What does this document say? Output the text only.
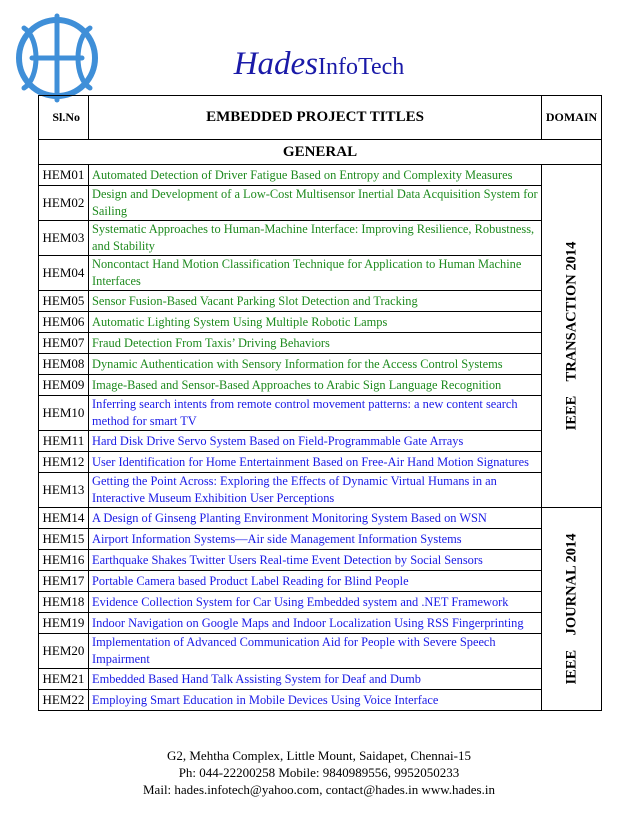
HadesInfoTech
Sl.No	EMBEDDED PROJECT TITLES	DOMAIN
GENERAL		
HEM01	Automated Detection of Driver Fatigue Based on Entropy and Complexity Measures	IEEE    TRANSACTION 2014

HEM02	Design and Development of a Low-Cost Multisensor Inertial Data Acquisition System for Sailing	
HEM03	Systematic Approaches to Human-Machine Interface: Improving Resilience, Robustness, and Stability	
HEM04	Noncontact Hand Motion Classification Technique for Application to Human Machine Interfaces	
HEM05	Sensor Fusion-Based Vacant Parking Slot Detection and Tracking	
HEM06	Automatic Lighting System Using Multiple Robotic Lamps	
HEM07	Fraud Detection From Taxis’ Driving Behaviors	
HEM08	Dynamic Authentication with Sensory Information for the Access Control Systems	
HEM09	Image-Based and Sensor-Based Approaches to Arabic Sign Language Recognition	
HEM10	Inferring search intents from remote control movement patterns: a new content search method for smart TV	
HEM11	Hard Disk Drive Servo System Based on Field-Programmable Gate Arrays	
HEM12	User Identification for Home Entertainment Based on Free-Air Hand Motion Signatures	
HEM13	Getting the Point Across: Exploring the Effects of Dynamic Virtual Humans in an Interactive Museum Exhibition User Perceptions	
HEM14	A Design of Ginseng Planting Environment Monitoring System Based on WSN	IEEE    JOURNAL 2014

HEM15	Airport Information Systems—Air side Management Information Systems	
HEM16	Earthquake Shakes Twitter Users Real-time Event Detection by Social Sensors	
HEM17	Portable Camera based Product Label Reading for Blind People	
HEM18	Evidence Collection System for Car Using Embedded system and .NET Framework	
HEM19	Indoor Navigation on Google Maps and Indoor Localization Using RSS Fingerprinting	
HEM20	Implementation of Advanced Communication Aid for People with Severe Speech Impairment	
HEM21	Embedded Based Hand Talk Assisting System for Deaf and Dumb	
HEM22	Employing Smart Education in Mobile Devices Using Voice Interface	
G2, Mehtha Complex, Little Mount, Saidapet, Chennai-15
Ph: 044-22200258 Mobile: 9840989556, 9952050233
Mail: hades.infotech@yahoo.com, contact@hades.in www.hades.in
